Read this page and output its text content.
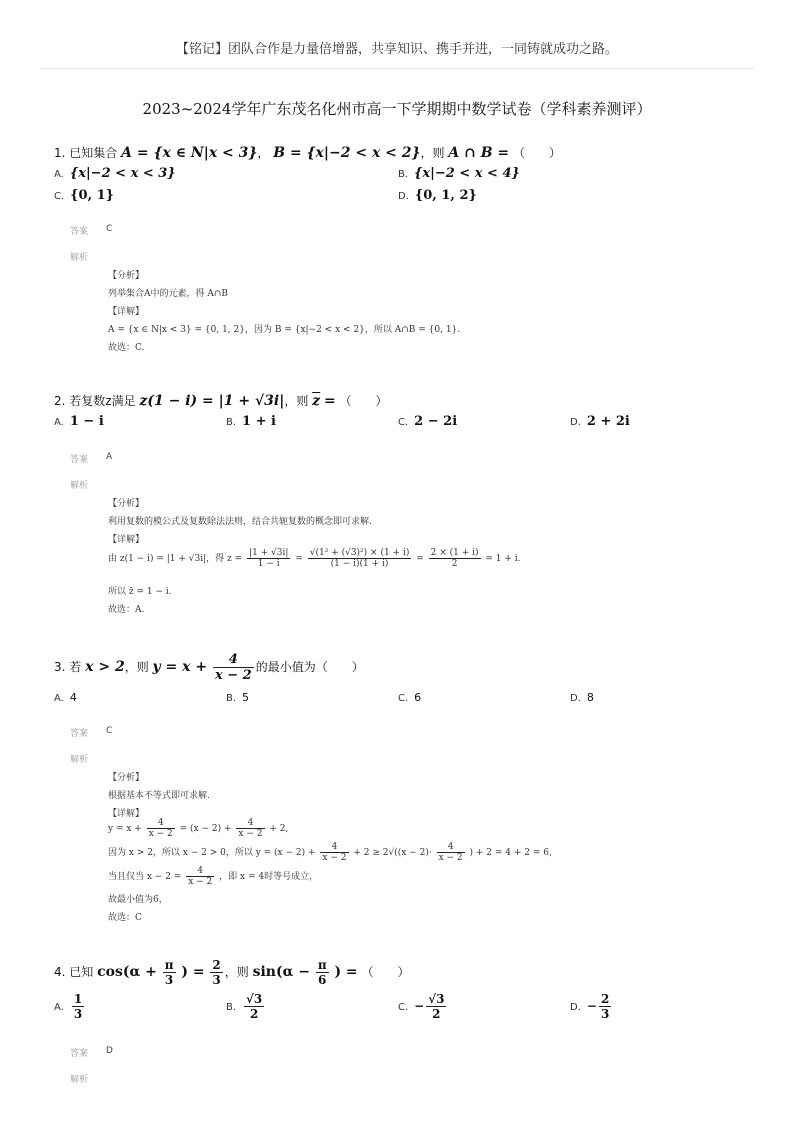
【铭记】团队合作是力量倍增器，共享知识、携手并进，一同铸就成功之路。
2023~2024学年广东茂名化州市高一下学期期中数学试卷（学科素养测评）
1. 已知集合 A = {x ∈ N|x < 3}， B = {x|−2 < x < 2}，则 A ∩ B = （　　）
A. {x|−2 < x < 3}	B. {x|−2 < x < 4}
C. {0, 1}	D. {0, 1, 2}
答案 C
解析
【分析】
列举集合A中的元素，得 A∩B
【详解】
A = {x ∈ N|x < 3} = {0, 1, 2}，因为 B = {x|−2 < x < 2}，所以 A∩B = {0, 1}.
故选：C.
2. 若复数z满足 z(1 − i) = |1 + √3i|，则 $\overline{z}$ = （　　）
A. 1 − i	B. 1 + i	C. 2 − 2i	D. 2 + 2i
答案 A
解析
【分析】
利用复数的模公式及复数除法法则，结合共轭复数的概念即可求解.
【详解】
由 z(1 − i) = |1 + √3i|，得 $z = \frac{|1 + √3i|}{1 - i} = \frac{\text{√(1² + (√3)²) × (1 + i)}}{(1 - i)(1 + i)} = \frac{2 \times (1 + i)}{2} = 1 + i$.
所以 z̄ = 1 − i.
故选：A.
3. 若 x > 2，则 $y = x + \frac{4}{x - 2}$ 的最小值为（　　）
A. 4	B. 5	C. 6	D. 8
答案 C
解析
【分析】
根据基本不等式即可求解.
【详解】
$y = x + \frac{4}{x - 2} = (x - 2) + \frac{4}{x - 2} + 2$,
因为 x > 2，所以 x − 2 > 0，所以 $y = (x - 2) + \frac{4}{x - 2} + 2 \ge 2√((x - 2)\cdot \frac{4}{x - 2}$ ) + 2 = 4 + 2 = 6,
当且仅当 $x - 2 = \frac{4}{x - 2}$ ，即 x = 4时等号成立，
故最小值为6，
故选：C
4. 已知 $\cos(\alpha + \frac{\pi}{3}$ ) = $\frac{2}{3}$ ，则 $\sin(\alpha - \frac{\pi}{6}$ ) = （　　）
A. $\frac{1}{3}$	B. $\frac{√3}{2}$	C. − $\frac{√3}{2}$	D. − $\frac{2}{3}$
答案 D
解析
